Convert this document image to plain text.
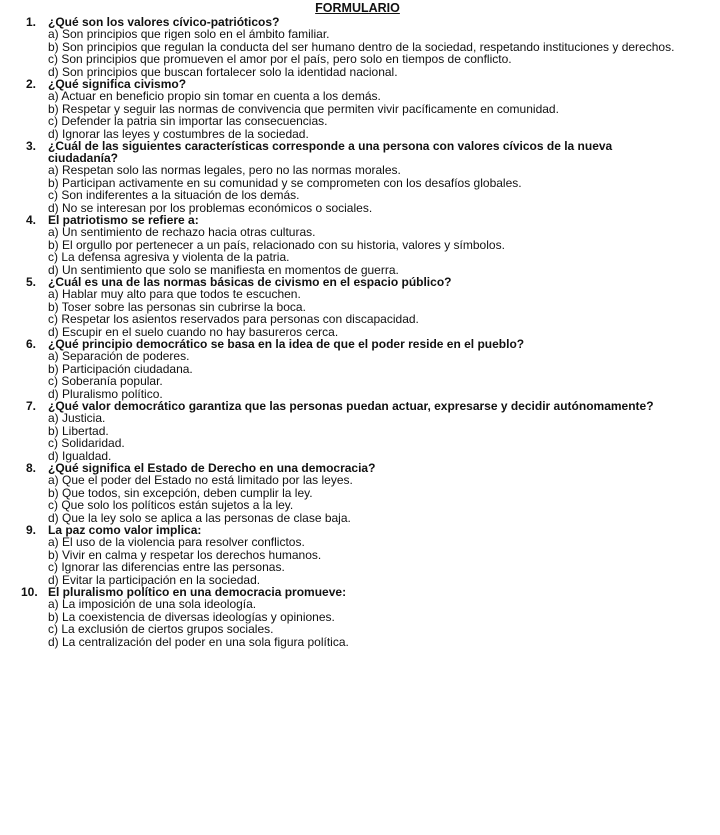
FORMULARIO
1. ¿Qué son los valores cívico-patrióticos?
a) Son principios que rigen solo en el ámbito familiar.
b) Son principios que regulan la conducta del ser humano dentro de la sociedad, respetando instituciones y derechos.
c) Son principios que promueven el amor por el país, pero solo en tiempos de conflicto.
d) Son principios que buscan fortalecer solo la identidad nacional.
2. ¿Qué significa civismo?
a) Actuar en beneficio propio sin tomar en cuenta a los demás.
b) Respetar y seguir las normas de convivencia que permiten vivir pacíficamente en comunidad.
c) Defender la patria sin importar las consecuencias.
d) Ignorar las leyes y costumbres de la sociedad.
3. ¿Cuál de las siguientes características corresponde a una persona con valores cívicos de la nueva ciudadanía?
a) Respetan solo las normas legales, pero no las normas morales.
b) Participan activamente en su comunidad y se comprometen con los desafíos globales.
c) Son indiferentes a la situación de los demás.
d) No se interesan por los problemas económicos o sociales.
4. El patriotismo se refiere a:
a) Un sentimiento de rechazo hacia otras culturas.
b) El orgullo por pertenecer a un país, relacionado con su historia, valores y símbolos.
c) La defensa agresiva y violenta de la patria.
d) Un sentimiento que solo se manifiesta en momentos de guerra.
5. ¿Cuál es una de las normas básicas de civismo en el espacio público?
a) Hablar muy alto para que todos te escuchen.
b) Toser sobre las personas sin cubrirse la boca.
c) Respetar los asientos reservados para personas con discapacidad.
d) Escupir en el suelo cuando no hay basureros cerca.
6. ¿Qué principio democrático se basa en la idea de que el poder reside en el pueblo?
a) Separación de poderes.
b) Participación ciudadana.
c) Soberanía popular.
d) Pluralismo político.
7. ¿Qué valor democrático garantiza que las personas puedan actuar, expresarse y decidir autónomamente?
a) Justicia.
b) Libertad.
c) Solidaridad.
d) Igualdad.
8. ¿Qué significa el Estado de Derecho en una democracia?
a) Que el poder del Estado no está limitado por las leyes.
b) Que todos, sin excepción, deben cumplir la ley.
c) Que solo los políticos están sujetos a la ley.
d) Que la ley solo se aplica a las personas de clase baja.
9. La paz como valor implica:
a) El uso de la violencia para resolver conflictos.
b) Vivir en calma y respetar los derechos humanos.
c) Ignorar las diferencias entre las personas.
d) Evitar la participación en la sociedad.
10. El pluralismo político en una democracia promueve:
a) La imposición de una sola ideología.
b) La coexistencia de diversas ideologías y opiniones.
c) La exclusión de ciertos grupos sociales.
d) La centralización del poder en una sola figura política.
